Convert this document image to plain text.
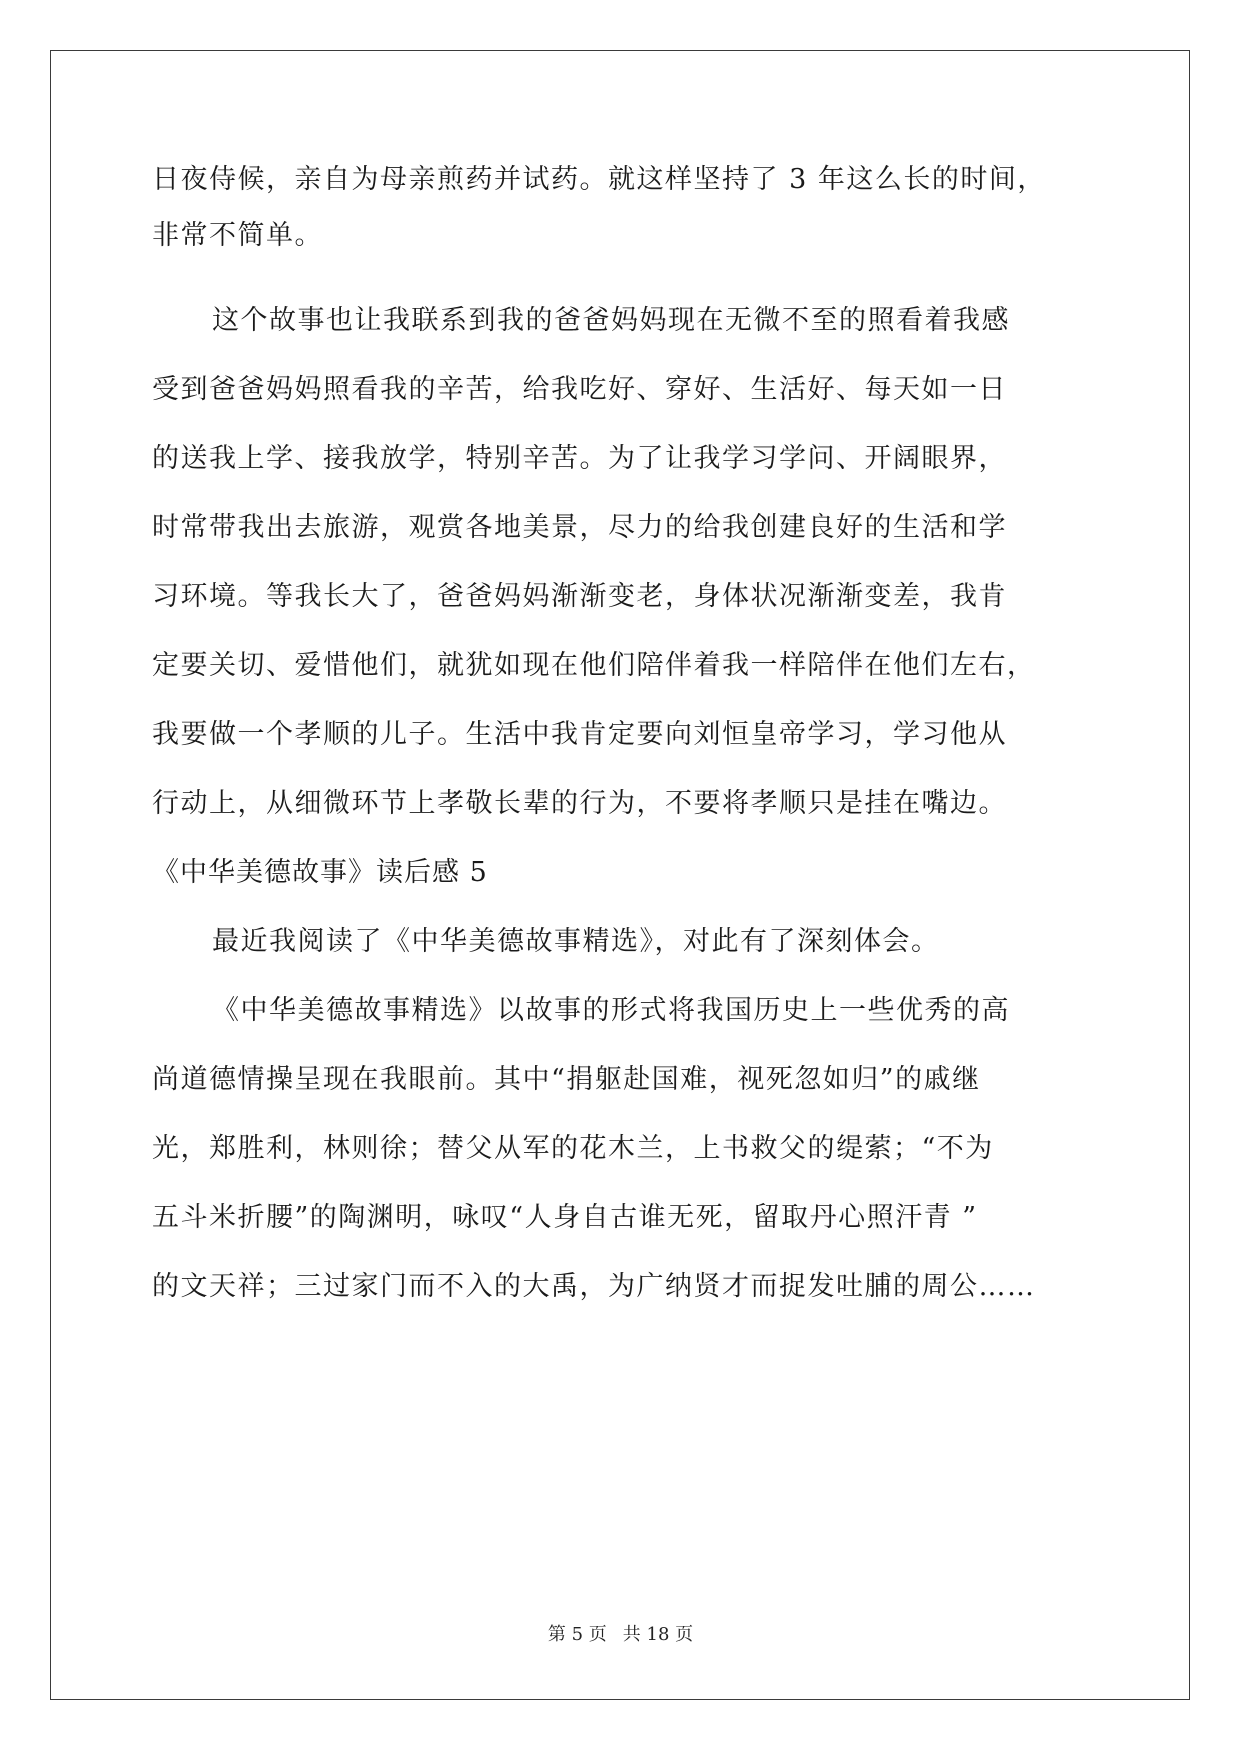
日夜侍候，亲自为母亲煎药并试药。就这样坚持了 3 年这么长的时间，
非常不简单。
这个故事也让我联系到我的爸爸妈妈现在无微不至的照看着我感
受到爸爸妈妈照看我的辛苦，给我吃好、穿好、生活好、每天如一日
的送我上学、接我放学，特别辛苦。为了让我学习学问、开阔眼界，
时常带我出去旅游，观赏各地美景，尽力的给我创建良好的生活和学
习环境。等我长大了，爸爸妈妈渐渐变老，身体状况渐渐变差，我肯
定要关切、爱惜他们，就犹如现在他们陪伴着我一样陪伴在他们左右，
我要做一个孝顺的儿子。生活中我肯定要向刘恒皇帝学习，学习他从
行动上，从细微环节上孝敬长辈的行为，不要将孝顺只是挂在嘴边。
《中华美德故事》读后感 5
最近我阅读了《中华美德故事精选》，对此有了深刻体会。
《中华美德故事精选》以故事的形式将我国历史上一些优秀的高
尚道德情操呈现在我眼前。其中“捐躯赴国难，视死忽如归”的戚继
光，郑胜利，林则徐；替父从军的花木兰，上书救父的缇萦；“不为
五斗米折腰”的陶渊明，咏叹“人身自古谁无死，留取丹心照汗青 ”
的文天祥；三过家门而不入的大禹，为广纳贤才而捉发吐脯的周公……
第 5 页 共 18 页
